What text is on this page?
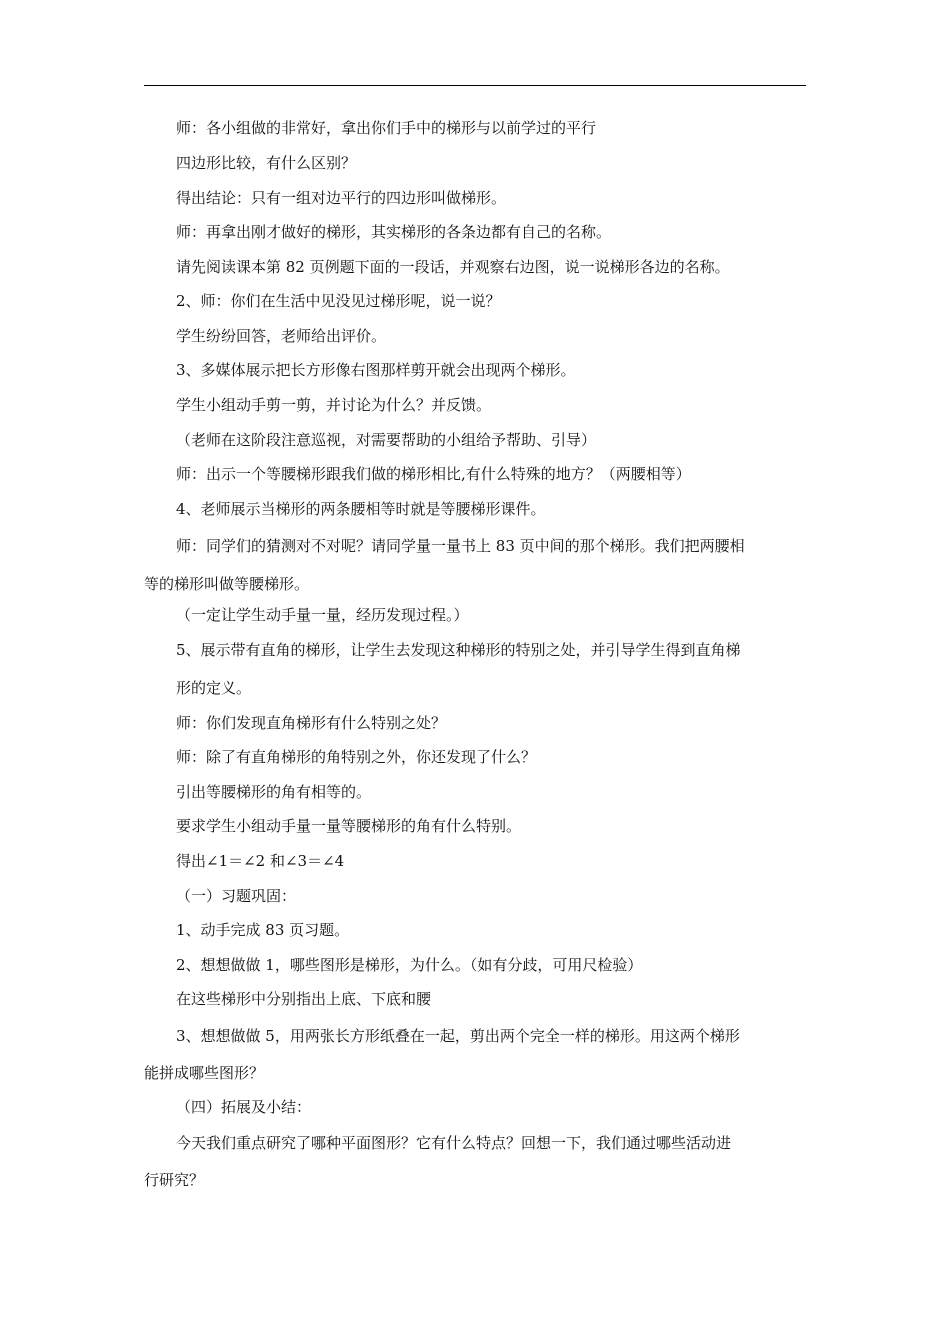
师：各小组做的非常好，拿出你们手中的梯形与以前学过的平行
四边形比较，有什么区别？
得出结论：只有一组对边平行的四边形叫做梯形。
师：再拿出刚才做好的梯形，其实梯形的各条边都有自己的名称。
请先阅读课本第 82 页例题下面的一段话，并观察右边图，说一说梯形各边的名称。
2、师：你们在生活中见没见过梯形呢，说一说？
学生纷纷回答，老师给出评价。
3、多媒体展示把长方形像右图那样剪开就会出现两个梯形。
学生小组动手剪一剪，并讨论为什么？并反馈。
（老师在这阶段注意巡视，对需要帮助的小组给予帮助、引导）
师：出示一个等腰梯形跟我们做的梯形相比,有什么特殊的地方？（两腰相等）
4、老师展示当梯形的两条腰相等时就是等腰梯形课件。
师：同学们的猜测对不对呢？请同学量一量书上 83 页中间的那个梯形。我们把两腰相
等的梯形叫做等腰梯形。
（一定让学生动手量一量，经历发现过程。）
5、展示带有直角的梯形，让学生去发现这种梯形的特别之处，并引导学生得到直角梯
形的定义。
师：你们发现直角梯形有什么特别之处？
师：除了有直角梯形的角特别之外，你还发现了什么？
引出等腰梯形的角有相等的。
要求学生小组动手量一量等腰梯形的角有什么特别。
得出∠1＝∠2 和∠3＝∠4
（一）习题巩固：
1、动手完成 83 页习题。
2、想想做做 1，哪些图形是梯形，为什么。（如有分歧，可用尺检验）
在这些梯形中分别指出上底、下底和腰
3、想想做做 5，用两张长方形纸叠在一起，剪出两个完全一样的梯形。用这两个梯形
能拼成哪些图形？
（四）拓展及小结：
今天我们重点研究了哪种平面图形？它有什么特点？回想一下，我们通过哪些活动进
行研究？
